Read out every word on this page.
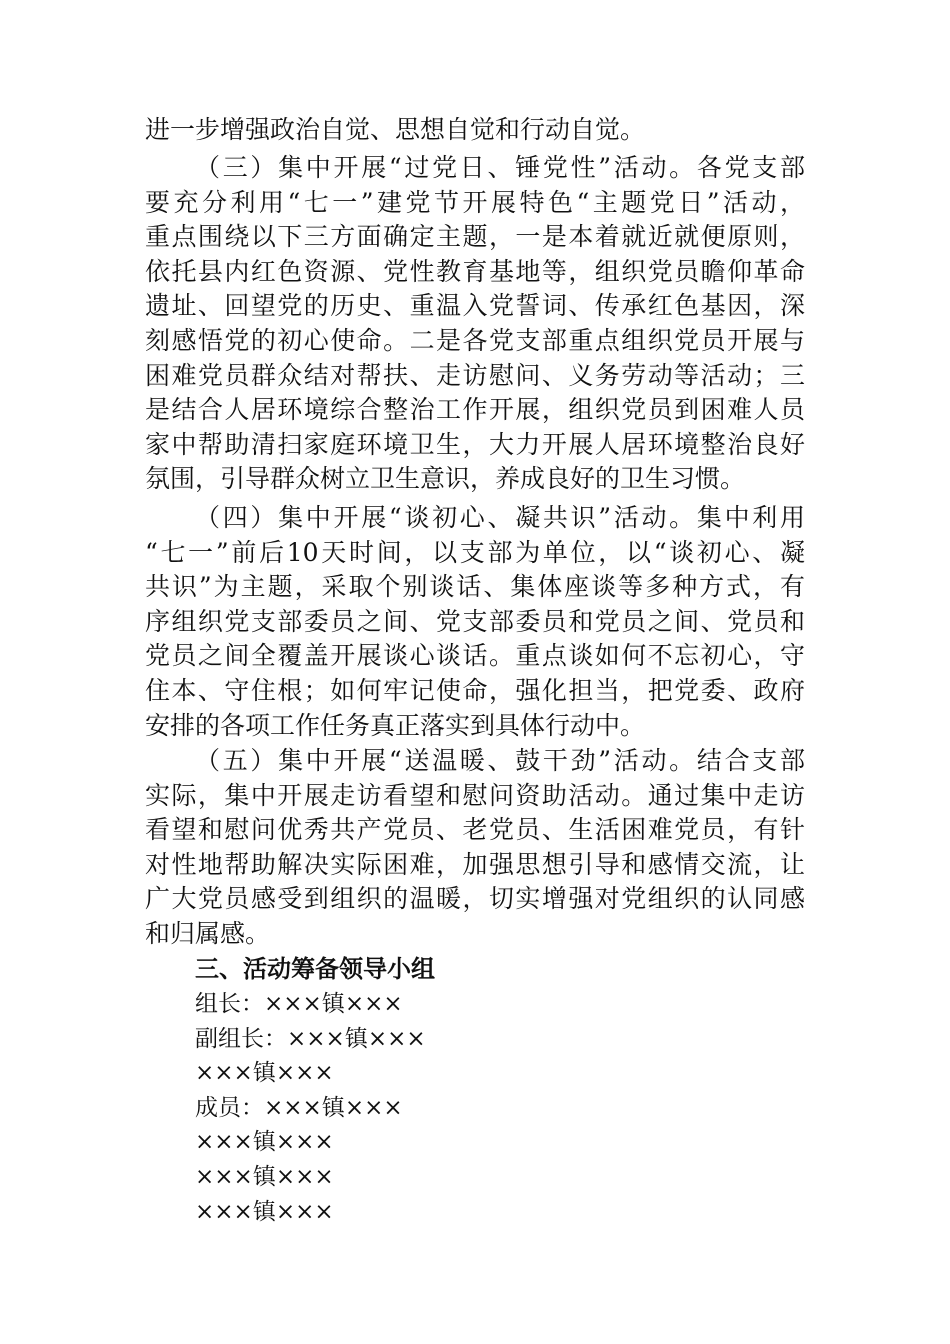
进一步增强政治自觉、思想自觉和行动自觉。
（三）集中开展“过党日、锤党性”活动。各党支部
要充分利用“七一”建党节开展特色“主题党日”活动，
重点围绕以下三方面确定主题，一是本着就近就便原则，
依托县内红色资源、党性教育基地等，组织党员瞻仰革命
遗址、回望党的历史、重温入党誓词、传承红色基因，深
刻感悟党的初心使命。二是各党支部重点组织党员开展与
困难党员群众结对帮扶、走访慰问、义务劳动等活动；三
是结合人居环境综合整治工作开展，组织党员到困难人员
家中帮助清扫家庭环境卫生，大力开展人居环境整治良好
氛围，引导群众树立卫生意识，养成良好的卫生习惯。
（四）集中开展“谈初心、凝共识”活动。集中利用
“七一”前后10天时间，以支部为单位，以“谈初心、凝
共识”为主题，采取个别谈话、集体座谈等多种方式，有
序组织党支部委员之间、党支部委员和党员之间、党员和
党员之间全覆盖开展谈心谈话。重点谈如何不忘初心，守
住本、守住根；如何牢记使命，强化担当，把党委、政府
安排的各项工作任务真正落实到具体行动中。
（五）集中开展“送温暖、鼓干劲”活动。结合支部
实际，集中开展走访看望和慰问资助活动。通过集中走访
看望和慰问优秀共产党员、老党员、生活困难党员，有针
对性地帮助解决实际困难，加强思想引导和感情交流，让
广大党员感受到组织的温暖，切实增强对党组织的认同感
和归属感。
三、活动筹备领导小组
组长：×××镇×××
副组长：×××镇×××
×××镇×××
成员：×××镇×××
×××镇×××
×××镇×××
×××镇×××
